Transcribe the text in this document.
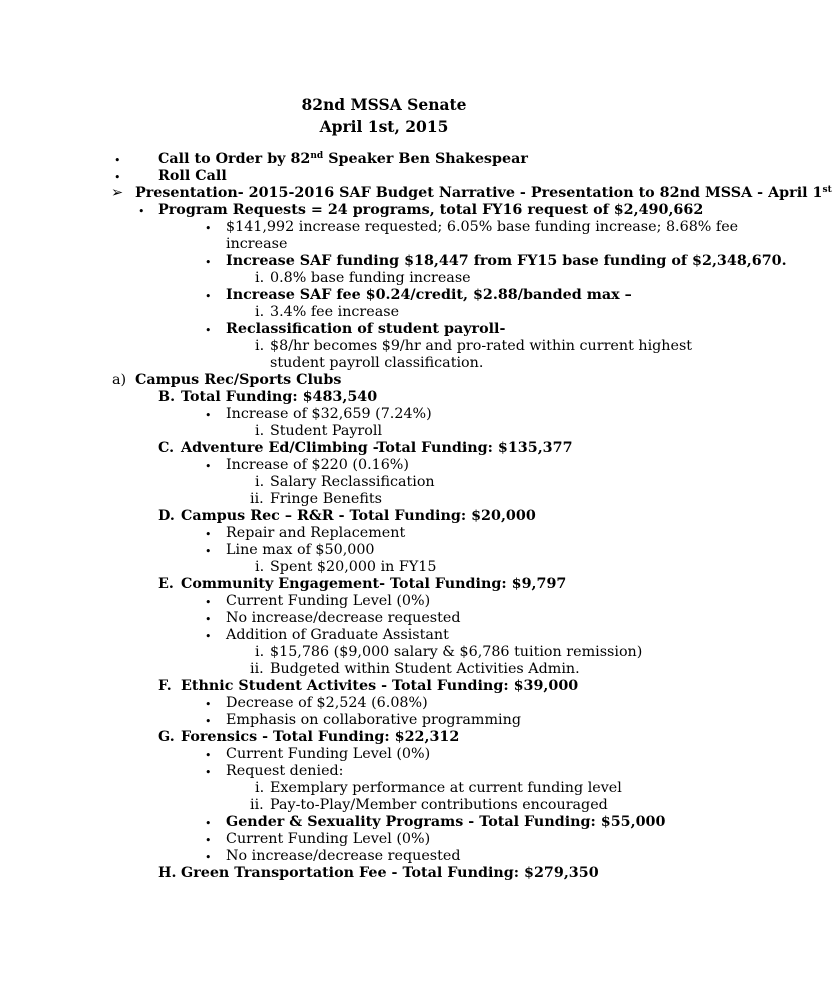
82nd MSSA Senate
April 1st, 2015
•	Call to Order by 82nd Speaker Ben Shakespear
•	Roll Call
➢ Presentation- 2015-2016 SAF Budget Narrative - Presentation to 82nd MSSA - April 1st
• Program Requests = 24 programs, total FY16 request of $2,490,662
• $141,992 increase requested; 6.05% base funding increase; 8.68% fee
increase
• Increase SAF funding $18,447 from FY15 base funding of $2,348,670.
i. 0.8% base funding increase
• Increase SAF fee $0.24/credit, $2.88/banded max –
i. 3.4% fee increase
• Reclassification of student payroll-
i. $8/hr becomes $9/hr and pro-rated within current highest
student payroll classification.
a) Campus Rec/Sports Clubs
B. Total Funding: $483,540
• Increase of $32,659 (7.24%)
i. Student Payroll
C. Adventure Ed/Climbing -Total Funding: $135,377
• Increase of $220 (0.16%)
i. Salary Reclassification
ii. Fringe Benefits
D. Campus Rec – R&R - Total Funding: $20,000
• Repair and Replacement
• Line max of $50,000
i. Spent $20,000 in FY15
E. Community Engagement- Total Funding: $9,797
• Current Funding Level (0%)
• No increase/decrease requested
• Addition of Graduate Assistant
i. $15,786 ($9,000 salary & $6,786 tuition remission)
ii. Budgeted within Student Activities Admin.
F. Ethnic Student Activites - Total Funding: $39,000
• Decrease of $2,524 (6.08%)
• Emphasis on collaborative programming
G. Forensics - Total Funding: $22,312
• Current Funding Level (0%)
• Request denied:
i. Exemplary performance at current funding level
ii. Pay-to-Play/Member contributions encouraged
• Gender & Sexuality Programs - Total Funding: $55,000
• Current Funding Level (0%)
• No increase/decrease requested
H. Green Transportation Fee - Total Funding: $279,350
